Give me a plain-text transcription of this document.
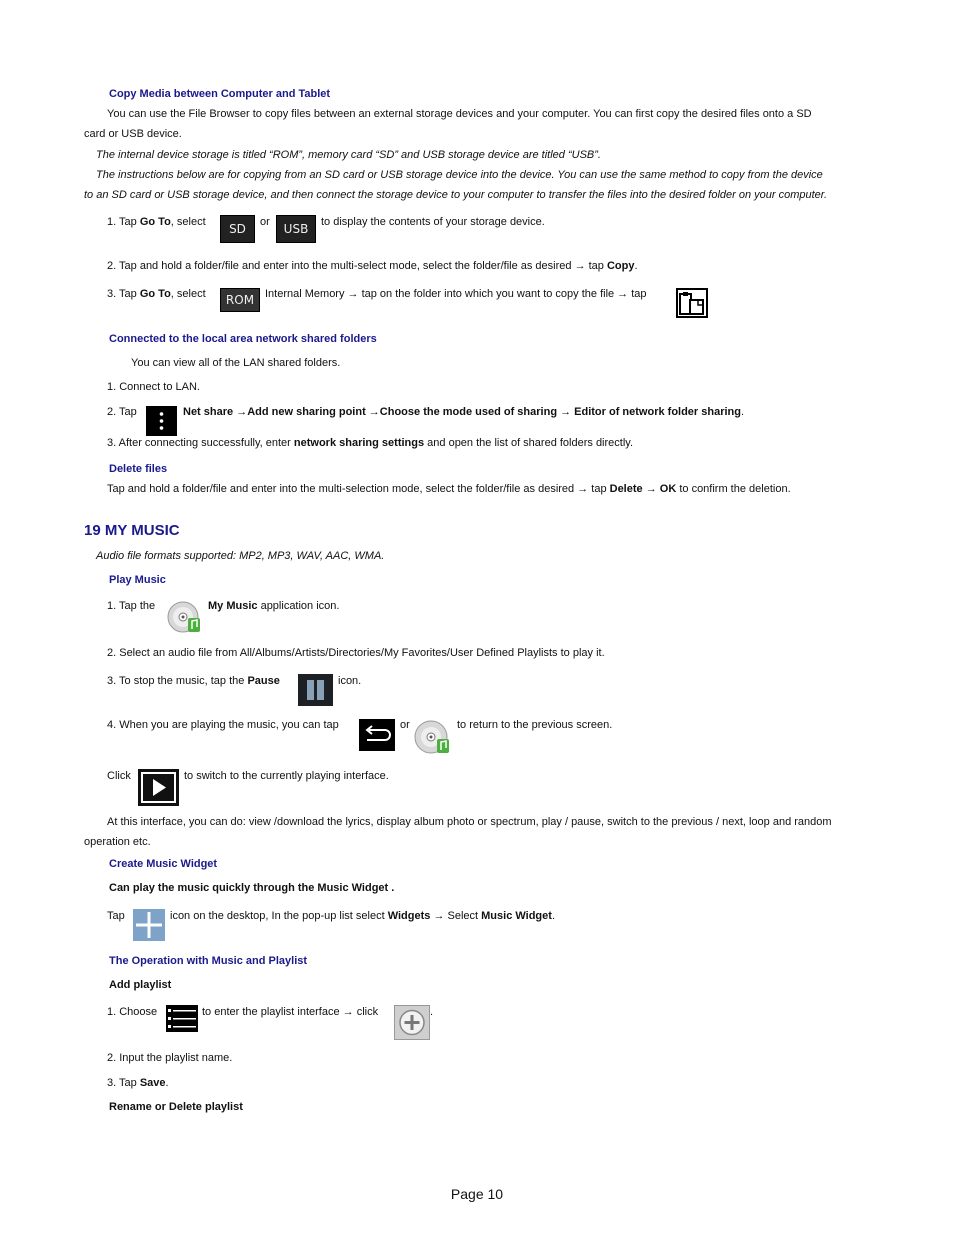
Copy Media between Computer and Tablet
You can use the File Browser to copy files between an external storage devices and your computer. You can first copy the desired files onto a SD
card or USB device.
The internal device storage is titled “ROM”, memory card “SD” and USB storage device are titled “USB”.
The instructions below are for copying from an SD card or USB storage device into the device. You can use the same method to copy from the device
to an SD card or USB storage device, and then connect the storage device to your computer to transfer the files into the desired folder on your computer.
1. Tap Go To, select	SD	or	USB	to display the contents of your storage device.
2. Tap and hold a folder/file and enter into the multi-select mode, select the folder/file as desired → tap Copy.
3. Tap Go To, select	ROM Internal Memory → tap on the folder into which you want to copy the file → tap
Connected to the local area network shared folders
You can view all of the LAN shared folders.
1. Connect to LAN.
2. Tap	Net share →Add new sharing point →Choose the mode used of sharing → Editor of network folder sharing.
3. After connecting successfully, enter network sharing settings and open the list of shared folders directly.
Delete files
Tap and hold a folder/file and enter into the multi-selection mode, select the folder/file as desired → tap Delete → OK to confirm the deletion.
19 MY MUSIC
Audio file formats supported: MP2, MP3, WAV, AAC, WMA.
Play Music
1. Tap the	My Music application icon.
2. Select an audio file from All/Albums/Artists/Directories/My Favorites/User Defined Playlists to play it.
3. To stop the music, tap the Pause	icon.
4. When you are playing the music, you can tap	or	to return to the previous screen.
Click	to switch to the currently playing interface.
At this interface, you can do: view /download the lyrics, display album photo or spectrum, play / pause, switch to the previous / next, loop and random
operation etc.
Create Music Widget
Can play the music quickly through the Music Widget .
Tap	icon on the desktop, In the pop-up list select Widgets → Select Music Widget.
The Operation with Music and Playlist
Add playlist
1. Choose	to enter the playlist interface → click	.
2. Input the playlist name.
3. Tap Save.
Rename or Delete playlist
Page 10
